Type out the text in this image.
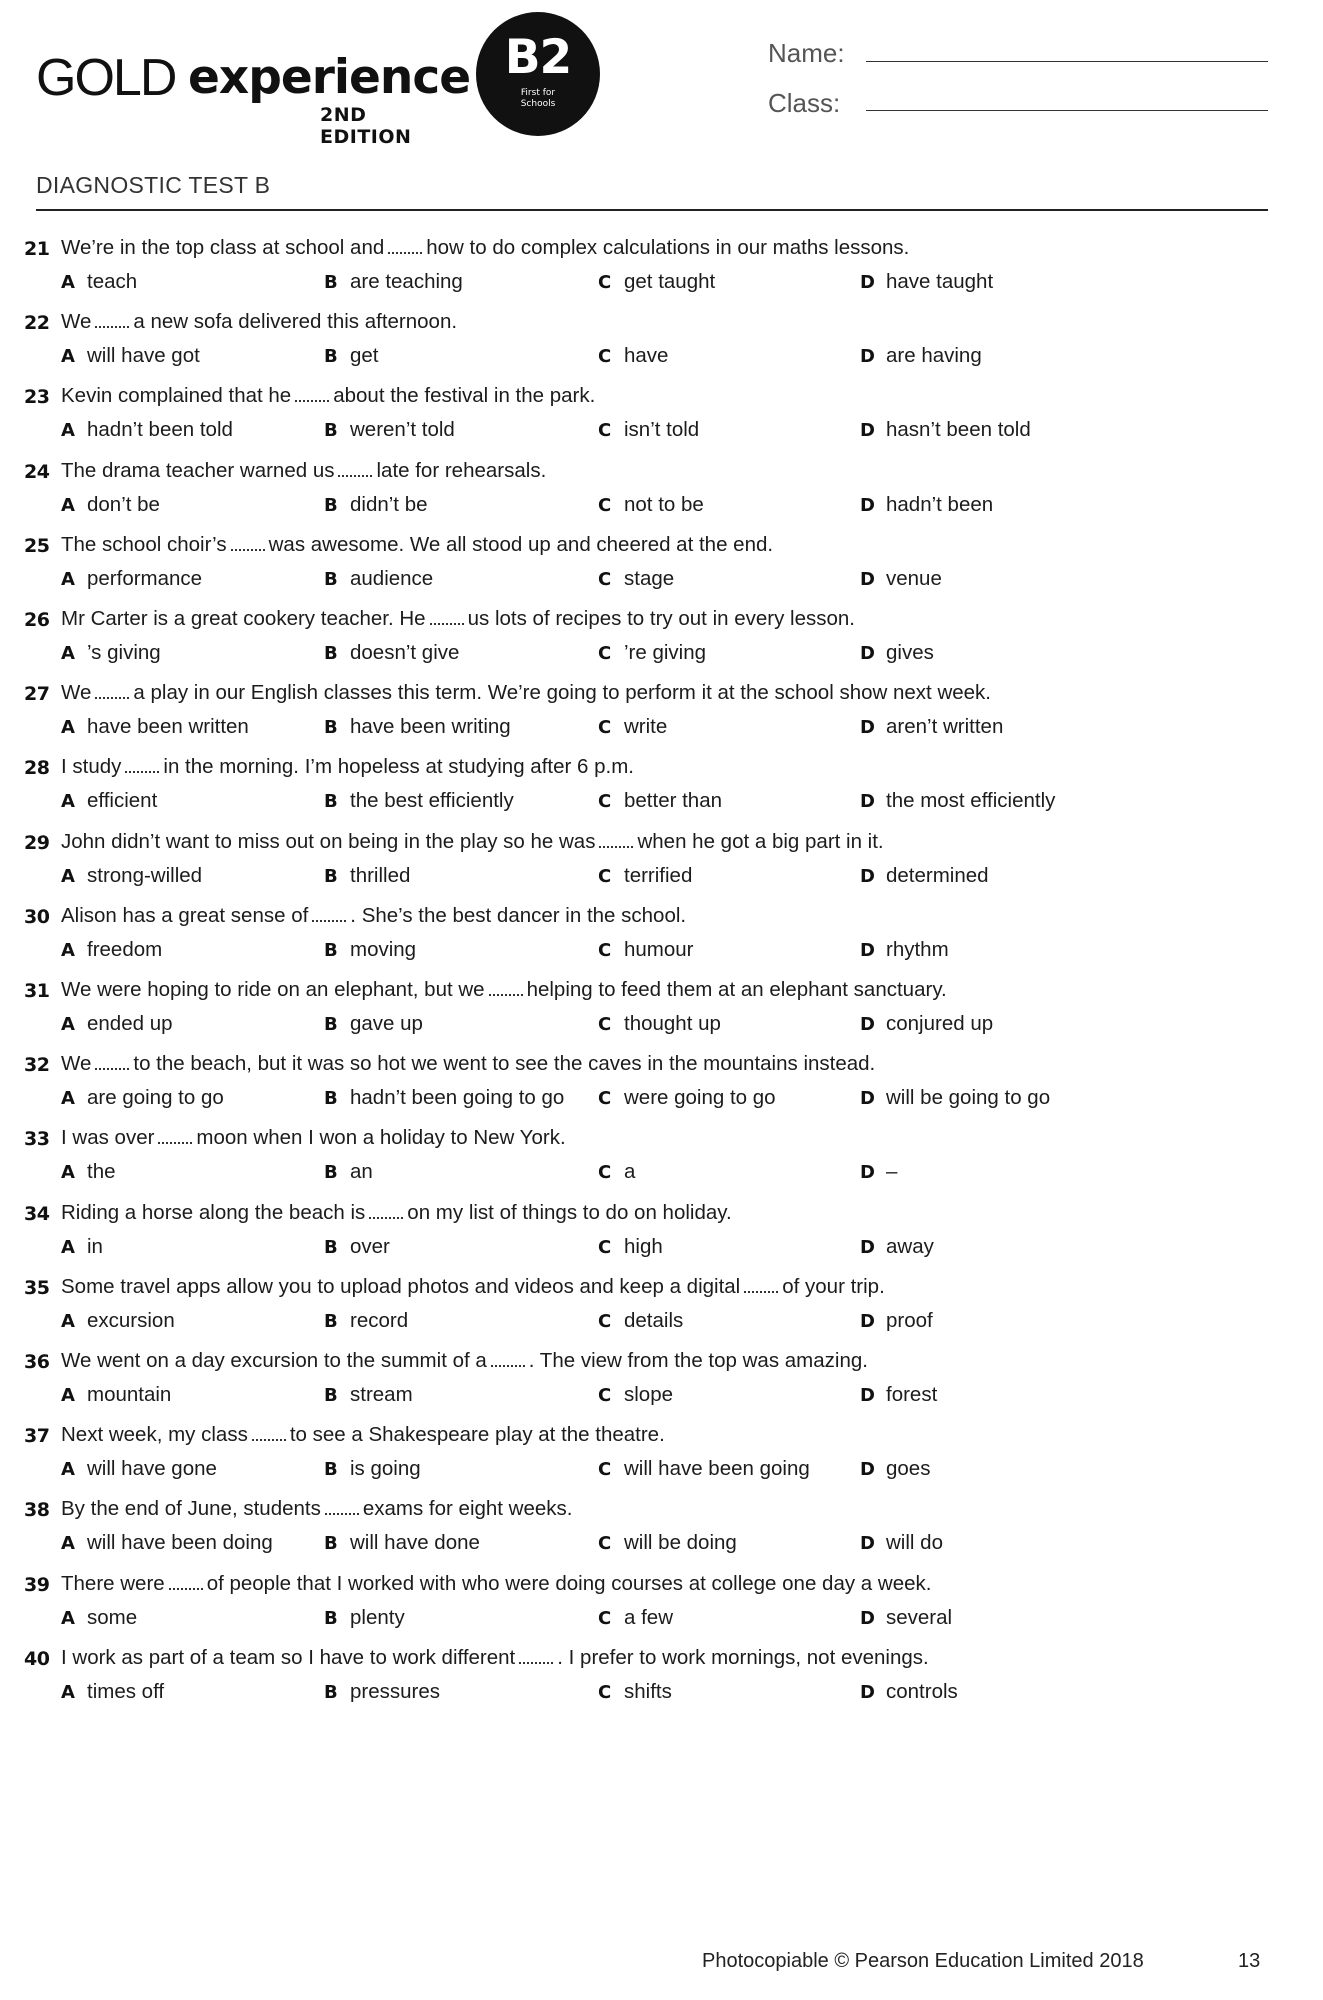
GOLD experience
2ND EDITION
B2
First for Schools
Name:
Class:
DIAGNOSTIC TEST B
21 We’re in the top class at school and how to do complex calculations in our maths lessons.
A teach	B are teaching	C get taught	D have taught
22 We a new sofa delivered this afternoon.
A will have got	B get	C have	D are having
23 Kevin complained that he about the festival in the park.
A hadn’t been told	B weren’t told	C isn’t told	D hasn’t been told
24 The drama teacher warned us late for rehearsals.
A don’t be	B didn’t be	C not to be	D hadn’t been
25 The school choir’s was awesome. We all stood up and cheered at the end.
A performance	B audience	C stage	D venue
26 Mr Carter is a great cookery teacher. He us lots of recipes to try out in every lesson.
A ’s giving	B doesn’t give	C ’re giving	D gives
27 We a play in our English classes this term. We’re going to perform it at the school show next week.
A have been written	B have been writing	C write	D aren’t written
28 I study in the morning. I’m hopeless at studying after 6 p.m.
A efficient	B the best efficiently	C better than	D the most efficiently
29 John didn’t want to miss out on being in the play so he was when he got a big part in it.
A strong-willed	B thrilled	C terrified	D determined
30 Alison has a great sense of . She’s the best dancer in the school.
A freedom	B moving	C humour	D rhythm
31 We were hoping to ride on an elephant, but we helping to feed them at an elephant sanctuary.
A ended up	B gave up	C thought up	D conjured up
32 We to the beach, but it was so hot we went to see the caves in the mountains instead.
A are going to go	B hadn’t been going to go C were going to go	D will be going to go
33 I was over moon when I won a holiday to New York.
A the	B an	C a	D –
34 Riding a horse along the beach is on my list of things to do on holiday.
A in	B over	C high	D away
35 Some travel apps allow you to upload photos and videos and keep a digital of your trip.
A excursion	B record	C details	D proof
36 We went on a day excursion to the summit of a . The view from the top was amazing.
A mountain	B stream	C slope	D forest
37 Next week, my class to see a Shakespeare play at the theatre.
A will have gone	B is going	C will have been going	D goes
38 By the end of June, students exams for eight weeks.
A will have been doing	B will have done	C will be doing	D will do
39 There were of people that I worked with who were doing courses at college one day a week.
A some	B plenty	C a few	D several
40 I work as part of a team so I have to work different . I prefer to work mornings, not evenings.
A times off	B pressures	C shifts	D controls
Photocopiable © Pearson Education Limited 2018	13
